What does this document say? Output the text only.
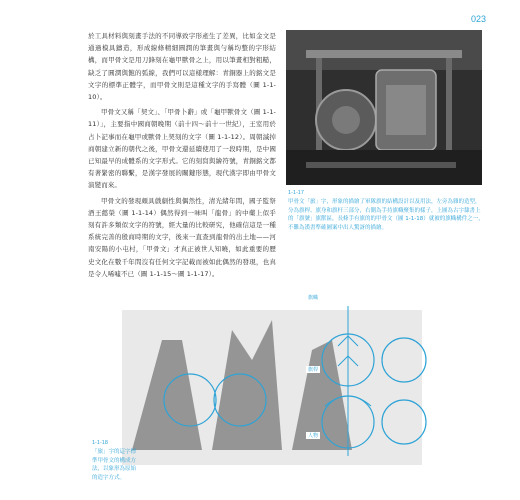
023

於工具材料與刻畫手法的不同導致字形產生了差異，比如金文是通過模具鑄造，形成線條精細圓潤的筆畫與勻稱均整的字形結構，而甲骨文是用刀鋒刻在龜甲獸骨之上，用以筆畫相對粗糙，缺乏了圓潤與飽的弧線，我們可以這樣理解：青銅器上的銘文是文字的標準正體字，而甲骨文則是這種文字的手寫體（圖 1-1-10）。

甲骨文又稱「契文」、「甲骨卜辭」或「龜甲獸骨文（圖 1-1-11）」，主要指中國商朝晚期（前十四～前十一世紀），王室用於占卜記事而在龜甲或獸骨上契刻的文字（圖 1-1-12）。周朝滅掉商朝建立新的朝代之後，甲骨文還延續使用了一段時期，是中國已知最早的成體系的文字形式。它的刻寫與繪符號，青銅銘文都有著緊密的聯繫，是漢字發展的關鍵形態，現代漢字即由甲骨文演變而來。

甲骨文的發現頗具戲劇性與偶然性，清光緒年間，國子監祭酒王懿榮（圖 1-1-14）偶然得到一味叫「龍骨」的中藥上似乎刻有許多類似文字的符號，經大量的比較研究，他確信這是一種系統完善的殷商時期的文字，後來一直查到龍骨的出土地——河南安陽的小屯村，「甲骨文」才真正被世人知曉，如此重要的歷史文化在數千年間沒有任何文字記載而被如此偶然的發現，也真是令人唏噓不已（圖 1-1-15～圖 1-1-17）。

1-1-17
甲骨文「旅」字，形象的描繪了軍隊旗的結構設計以及用法，左旁為雜的造型，分為旗桿、旗身和旗杆三部分，右側為手持旗幟聚集的樣子，上圖為古字隸書上的「旗號」旗獸區，長條手有旗的的甲骨文（圖 1-1-18）就被的旗幟構件之一，不難為漢書準確圖案中出人驚訝的描繪。
旗幟
旗桿
人物
1-1-18
「旅」字的這字標準甲骨文的構成方法，以象形為原始的造字方式。
